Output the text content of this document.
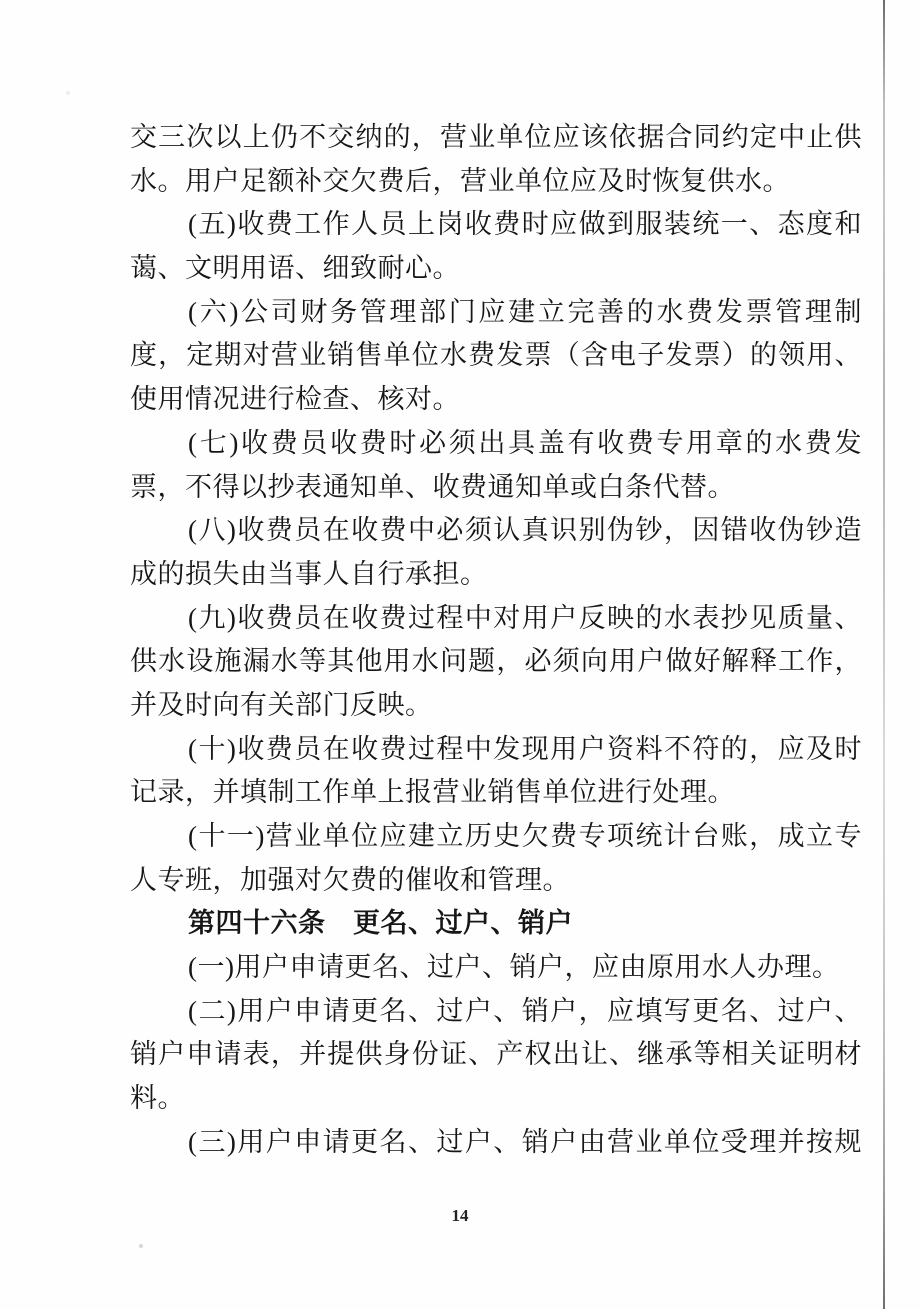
交三次以上仍不交纳的，营业单位应该依据合同约定中止供
水。用户足额补交欠费后，营业单位应及时恢复供水。
(五)收费工作人员上岗收费时应做到服装统一、态度和
蔼、文明用语、细致耐心。
(六)公司财务管理部门应建立完善的水费发票管理制
度，定期对营业销售单位水费发票（含电子发票）的领用、
使用情况进行检查、核对。
(七)收费员收费时必须出具盖有收费专用章的水费发
票，不得以抄表通知单、收费通知单或白条代替。
(八)收费员在收费中必须认真识别伪钞，因错收伪钞造
成的损失由当事人自行承担。
(九)收费员在收费过程中对用户反映的水表抄见质量、
供水设施漏水等其他用水问题，必须向用户做好解释工作，
并及时向有关部门反映。
(十)收费员在收费过程中发现用户资料不符的，应及时
记录，并填制工作单上报营业销售单位进行处理。
(十一)营业单位应建立历史欠费专项统计台账，成立专
人专班，加强对欠费的催收和管理。
第四十六条　更名、过户、销户
(一)用户申请更名、过户、销户，应由原用水人办理。
(二)用户申请更名、过户、销户，应填写更名、过户、
销户申请表，并提供身份证、产权出让、继承等相关证明材
料。
(三)用户申请更名、过户、销户由营业单位受理并按规
14
